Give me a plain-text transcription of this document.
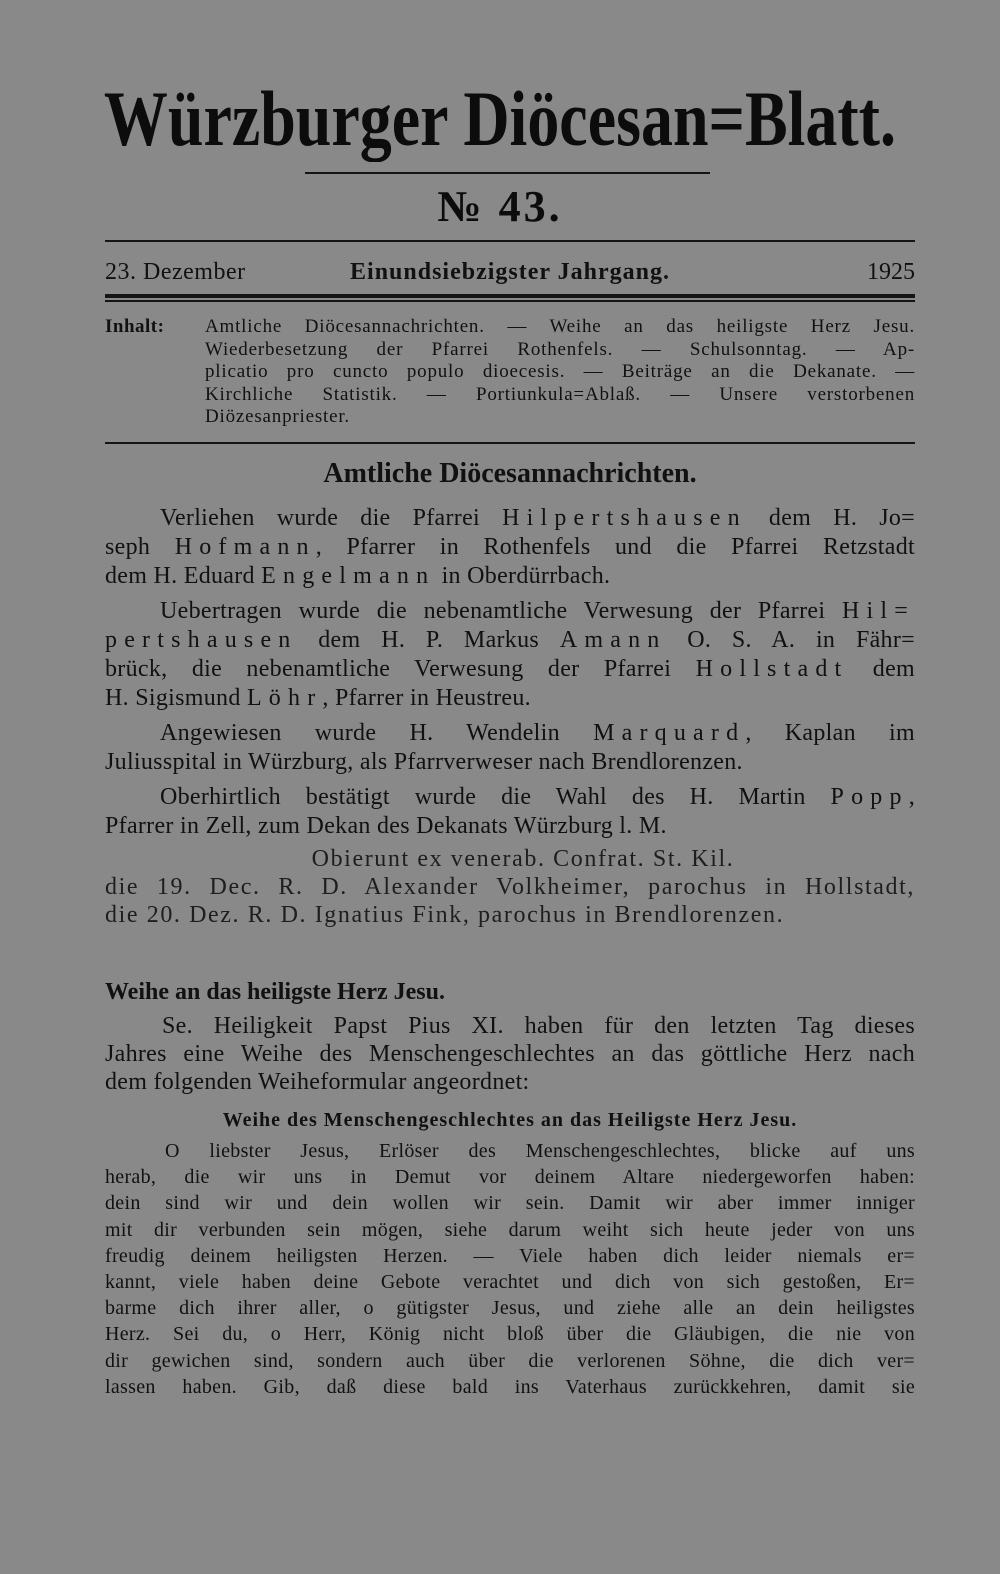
Würzburger Diöcesan=Blatt.
№ 43.
23. Dezember	Einundsiebzigster Jahrgang.	1925
Inhalt:	Amtliche Diöcesannachrichten. — Weihe an das heiligste Herz Jesu.
Wiederbesetzung der Pfarrei Rothenfels. — Schulsonntag. — Ap-
plicatio pro cuncto populo dioecesis. — Beiträge an die Dekanate. —
Kirchliche Statistik. — Portiunkula=Ablaß. — Unsere verstorbenen
Diözesanpriester.
Amtliche Diöcesannachrichten.
Verliehen wurde die Pfarrei Hilpertshausen dem H. Jo=
seph Hofmann, Pfarrer in Rothenfels und die Pfarrei Retzstadt
dem H. Eduard Engelmann in Oberdürrbach.
Uebertragen wurde die nebenamtliche Verwesung der Pfarrei Hil=
pertshausen dem H. P. Markus Amann O. S. A. in Fähr=
brück, die nebenamtliche Verwesung der Pfarrei Hollstadt dem
H. Sigismund Löhr, Pfarrer in Heustreu.
Angewiesen wurde H. Wendelin Marquard, Kaplan im
Juliusspital in Würzburg, als Pfarrverweser nach Brendlorenzen.
Oberhirtlich bestätigt wurde die Wahl des H. Martin Popp,
Pfarrer in Zell, zum Dekan des Dekanats Würzburg l. M.
Obierunt ex venerab. Confrat. St. Kil.
die 19. Dec. R. D. Alexander Volkheimer, parochus in Hollstadt,
die 20. Dez. R. D. Ignatius Fink, parochus in Brendlorenzen.
Weihe an das heiligste Herz Jesu.
Se. Heiligkeit Papst Pius XI. haben für den letzten Tag dieses
Jahres eine Weihe des Menschengeschlechtes an das göttliche Herz nach
dem folgenden Weiheformular angeordnet:
Weihe des Menschengeschlechtes an das Heiligste Herz Jesu.
O liebster Jesus, Erlöser des Menschengeschlechtes, blicke auf uns
herab, die wir uns in Demut vor deinem Altare niedergeworfen haben:
dein sind wir und dein wollen wir sein. Damit wir aber immer inniger
mit dir verbunden sein mögen, siehe darum weiht sich heute jeder von uns
freudig deinem heiligsten Herzen. — Viele haben dich leider niemals er=
kannt, viele haben deine Gebote verachtet und dich von sich gestoßen, Er=
barme dich ihrer aller, o gütigster Jesus, und ziehe alle an dein heiligstes
Herz. Sei du, o Herr, König nicht bloß über die Gläubigen, die nie von
dir gewichen sind, sondern auch über die verlorenen Söhne, die dich ver=
lassen haben. Gib, daß diese bald ins Vaterhaus zurückkehren, damit sie
